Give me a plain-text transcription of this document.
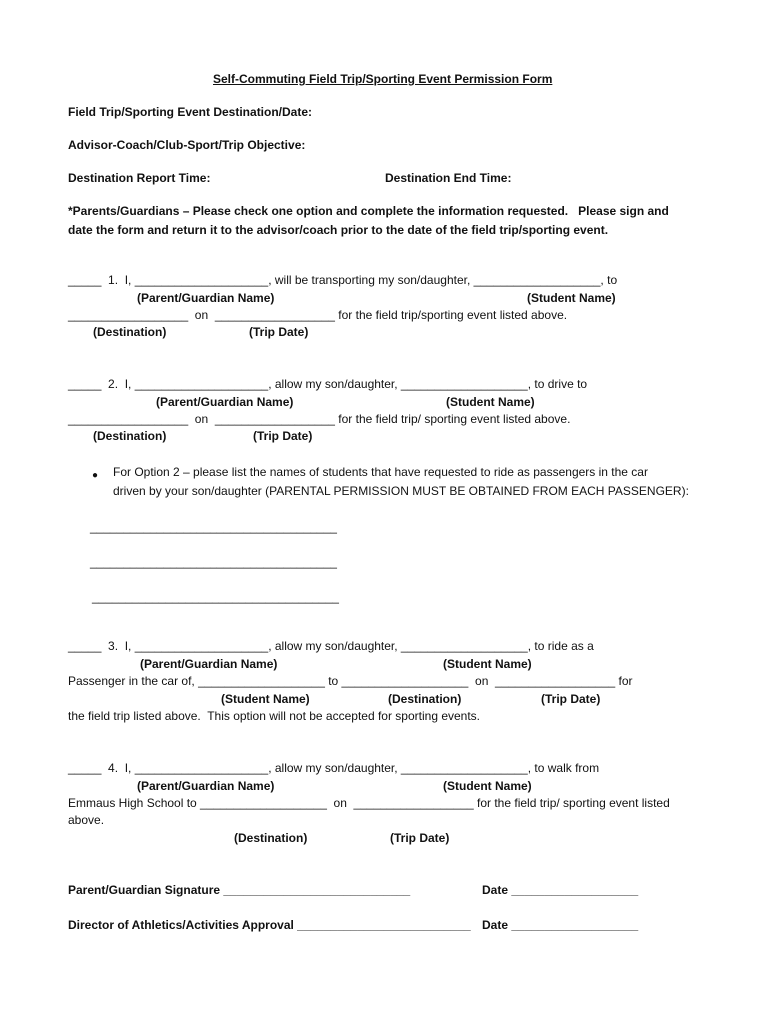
Self-Commuting Field Trip/Sporting Event Permission Form
Field Trip/Sporting Event Destination/Date:
Advisor-Coach/Club-Sport/Trip Objective:
Destination Report Time:	Destination End Time:
*Parents/Guardians – Please check one option and complete the information requested.   Please sign and
date the form and return it to the advisor/coach prior to the date of the field trip/sporting event.
_____  1.  I, ____________________, will be transporting my son/daughter, ___________________, to
(Parent/Guardian Name)	(Student Name)
__________________  on  __________________ for the field trip/sporting event listed above.
(Destination)	(Trip Date)
_____  2.  I, ____________________, allow my son/daughter, ___________________, to drive to
(Parent/Guardian Name)	(Student Name)
__________________  on  __________________ for the field trip/ sporting event listed above.
(Destination)	(Trip Date)
● For Option 2 – please list the names of students that have requested to ride as passengers in the car
driven by your son/daughter (PARENTAL PERMISSION MUST BE OBTAINED FROM EACH PASSENGER):
_____________________________________
_____________________________________
_____________________________________
_____  3.  I, ____________________, allow my son/daughter, ___________________, to ride as a
(Parent/Guardian Name)	(Student Name)
Passenger in the car of, ___________________ to ___________________  on  __________________ for
(Student Name)	(Destination)	(Trip Date)
the field trip listed above.  This option will not be accepted for sporting events.
_____  4.  I, ____________________, allow my son/daughter, ___________________, to walk from
(Parent/Guardian Name)	(Student Name)
Emmaus High School to ___________________  on  __________________ for the field trip/ sporting event listed
above.
(Destination)	(Trip Date)
Parent/Guardian Signature ____________________________	Date ___________________
Director of Athletics/Activities Approval __________________________ Date ___________________
